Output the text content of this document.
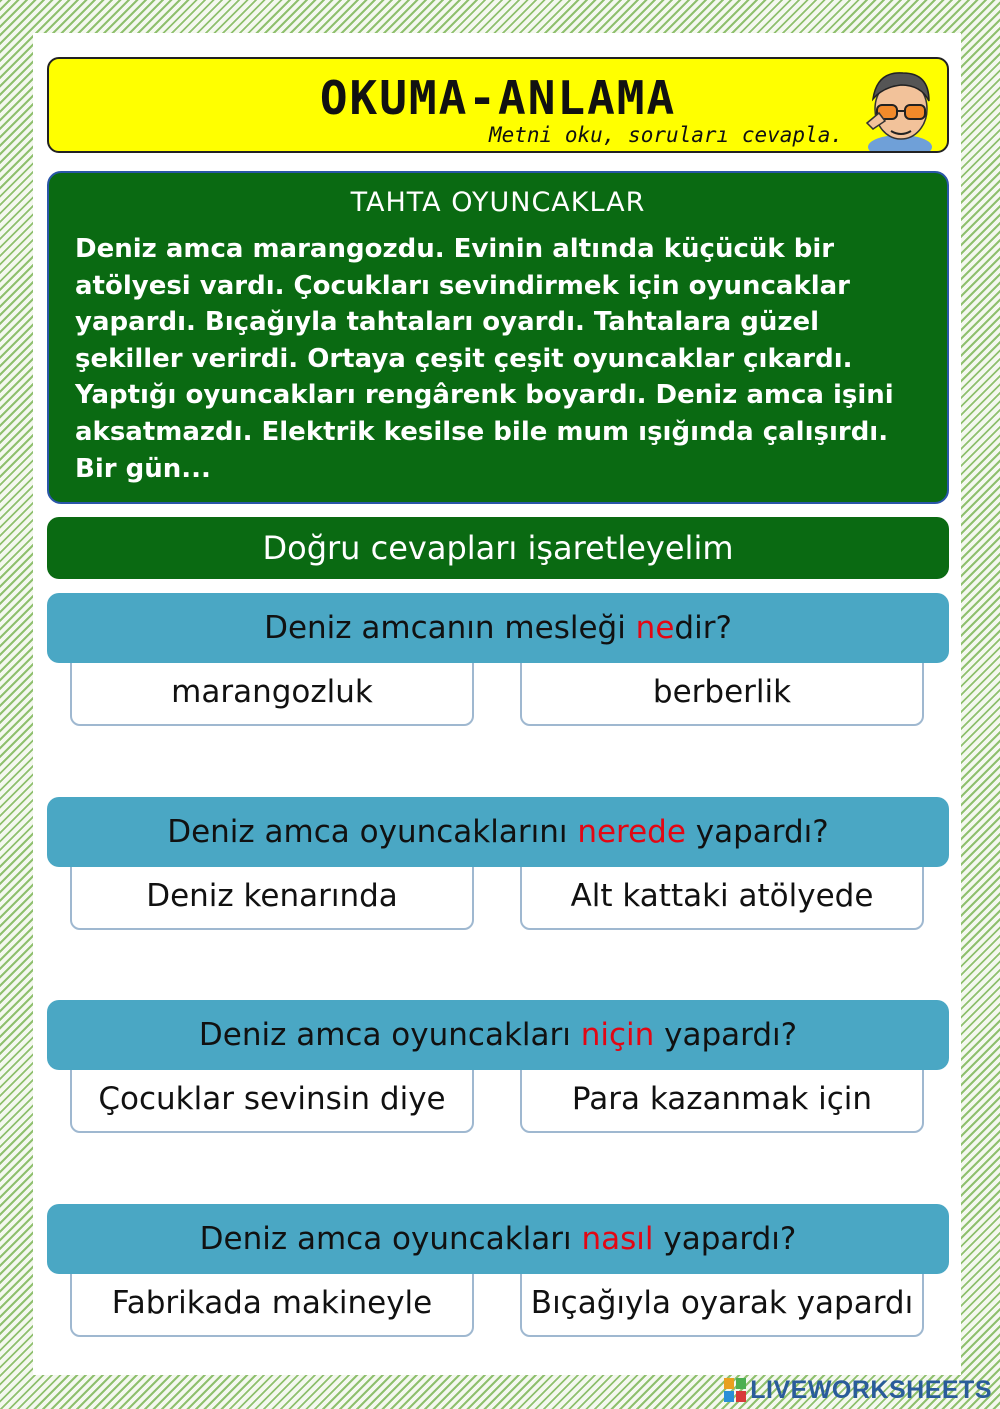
OKUMA-ANLAMA
Metni oku, soruları cevapla.
TAHTA OYUNCAKLAR
Deniz amca marangozdu. Evinin altında küçücük bir atölyesi vardı. Çocukları sevindirmek için oyuncaklar yapardı. Bıçağıyla tahtaları oyardı. Tahtalara güzel şekiller verirdi. Ortaya çeşit çeşit oyuncaklar çıkardı. Yaptığı oyuncakları rengârenk boyardı. Deniz amca işini aksatmazdı. Elektrik kesilse bile mum ışığında çalışırdı. Bir gün...
Doğru cevapları işaretleyelim
Deniz amcanın mesleği nedir?
marangozluk	berberlik
Deniz amca oyuncaklarını nerede yapardı?
Deniz kenarında	Alt kattaki atölyede
Deniz amca oyuncakları niçin yapardı?
Çocuklar sevinsin diye	Para kazanmak için
Deniz amca oyuncakları nasıl yapardı?
Fabrikada makineyle	Bıçağıyla oyarak yapardı
LIVEWORKSHEETS
